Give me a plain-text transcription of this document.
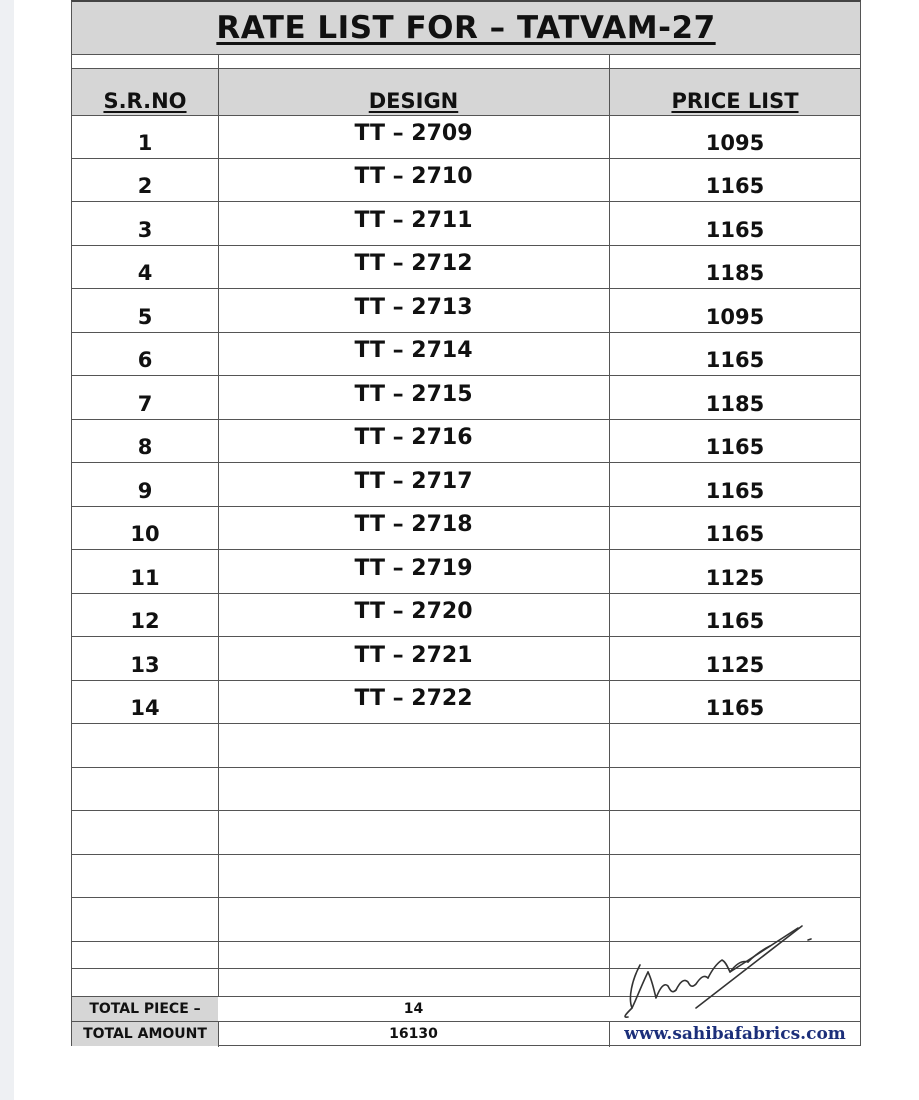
RATE LIST FOR – TATVAM-27
S.R.NO	DESIGN	PRICE LIST
1	TT – 2709	1095
2	TT – 2710	1165
3	TT – 2711	1165
4	TT – 2712	1185
5	TT – 2713	1095
6	TT – 2714	1165
7	TT – 2715	1185
8	TT – 2716	1165
9	TT – 2717	1165
10	TT – 2718	1165
11	TT – 2719	1125
12	TT – 2720	1165
13	TT – 2721	1125
14	TT – 2722	1165
TOTAL PIECE –	14
TOTAL AMOUNT	16130	www.sahibafabrics.com
